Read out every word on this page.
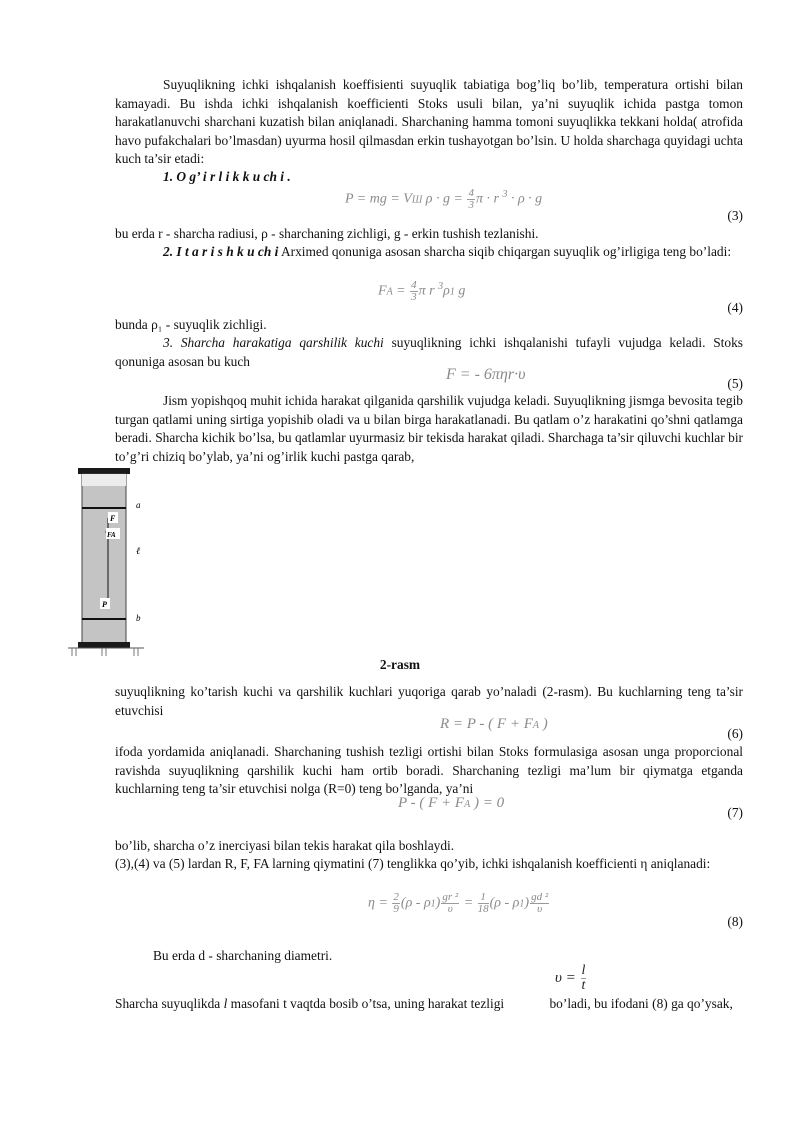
Suyuqlikning ichki ishqalanish koeffisienti suyuqlik tabiatiga bog’liq bo’lib, temperatura ortishi bilan kamayadi. Bu ishda ichki ishqalanish koefficienti Stoks usuli bilan, ya’ni suyuqlik ichida pastga tomon harakatlanuvchi sharchani kuzatish bilan aniqlanadi. Sharchaning hamma tomoni suyuqlikka tekkani holda( atrofida havo pufakchalari bo’lmasdan) uyurma hosil qilmasdan erkin tushayotgan bo’lsin. U holda sharchaga quyidagi uchta kuch ta’sir etadi:

1. O g’ i r l i k k u ch i .
P = mg = VШ $\rho \cdot g = \frac{4}{3}$ π · r $^3$ · ρ · g
(3)

bu erda r - sharcha radiusi, ρ - sharchaning zichligi, g - erkin tushish tezlanishi.

2. I t a r i s h k u ch i Arximed qonuniga asosan sharcha siqib chiqargan suyuqlik og’irligiga teng bo’ladi:

FA = $\frac{4}{3}$ π r $^3$ρ1 g
(4)

bunda ρ₁ - suyuqlik zichligi.

3. Sharcha harakatiga qarshilik kuchi suyuqlikning ichki ishqalanishi tufayli vujudga keladi. Stoks qonuniga asosan bu kuch

F = - 6πηr·υ
(5)

Jism yopishqoq muhit ichida harakat qilganida qarshilik vujudga keladi. Suyuqlikning jismga bevosita tegib turgan qatlami uning sirtiga yopishib oladi va u bilan birga harakatlanadi. Bu qatlam o’z harakatini qo’shni qatlamga beradi. Sharcha kichik bo’lsa, bu qatlamlar uyurmasiz bir tekisda harakat qiladi. Sharchaga ta’sir qiluvchi kuchlar bir to’g’ri chiziq bo’ylab, ya’ni og’irlik kuchi pastga qarab,

F
FA
P
a
b
ℓ
2-rasm

suyuqlikning ko’tarish kuchi va qarshilik kuchlari yuqoriga qarab yo’naladi (2-rasm). Bu kuchlarning teng ta’sir etuvchisi

R = P - ( F + FA )
(6)

ifoda yordamida aniqlanadi. Sharchaning tushish tezligi ortishi bilan Stoks formulasiga asosan unga proporcional ravishda suyuqlikning qarshilik kuchi ham ortib boradi. Sharchaning tezligi ma’lum bir qiymatga etganda kuchlarning teng ta’sir etuvchisi nolga (R=0) teng bo’lganda, ya’ni

P - ( F + FA ) = 0
(7)

bo’lib, sharcha o’z inerciyasi bilan tekis harakat qila boshlaydi.

(3),(4) va (5) lardan R, F, FA larning qiymatini (7) tenglikka qo’yib, ichki ishqalanish koefficienti η aniqlanadi:

$\eta = \frac{2}{9} (\rho - \rho 1) \frac{\text{gr ²}}{\upsilon} = \frac{1}{18} (\rho - \rho 1) \frac{\text{gd ²}}{\upsilon}$
(8)

Bu erda d - sharchaning diametri.

$\upsilon = \frac{l}{t}$

Sharcha suyuqlikda l masofani t vaqtda bosib o’tsa, uning harakat tezligi	bo’ladi, bu ifodani (8) ga qo’ysak,
